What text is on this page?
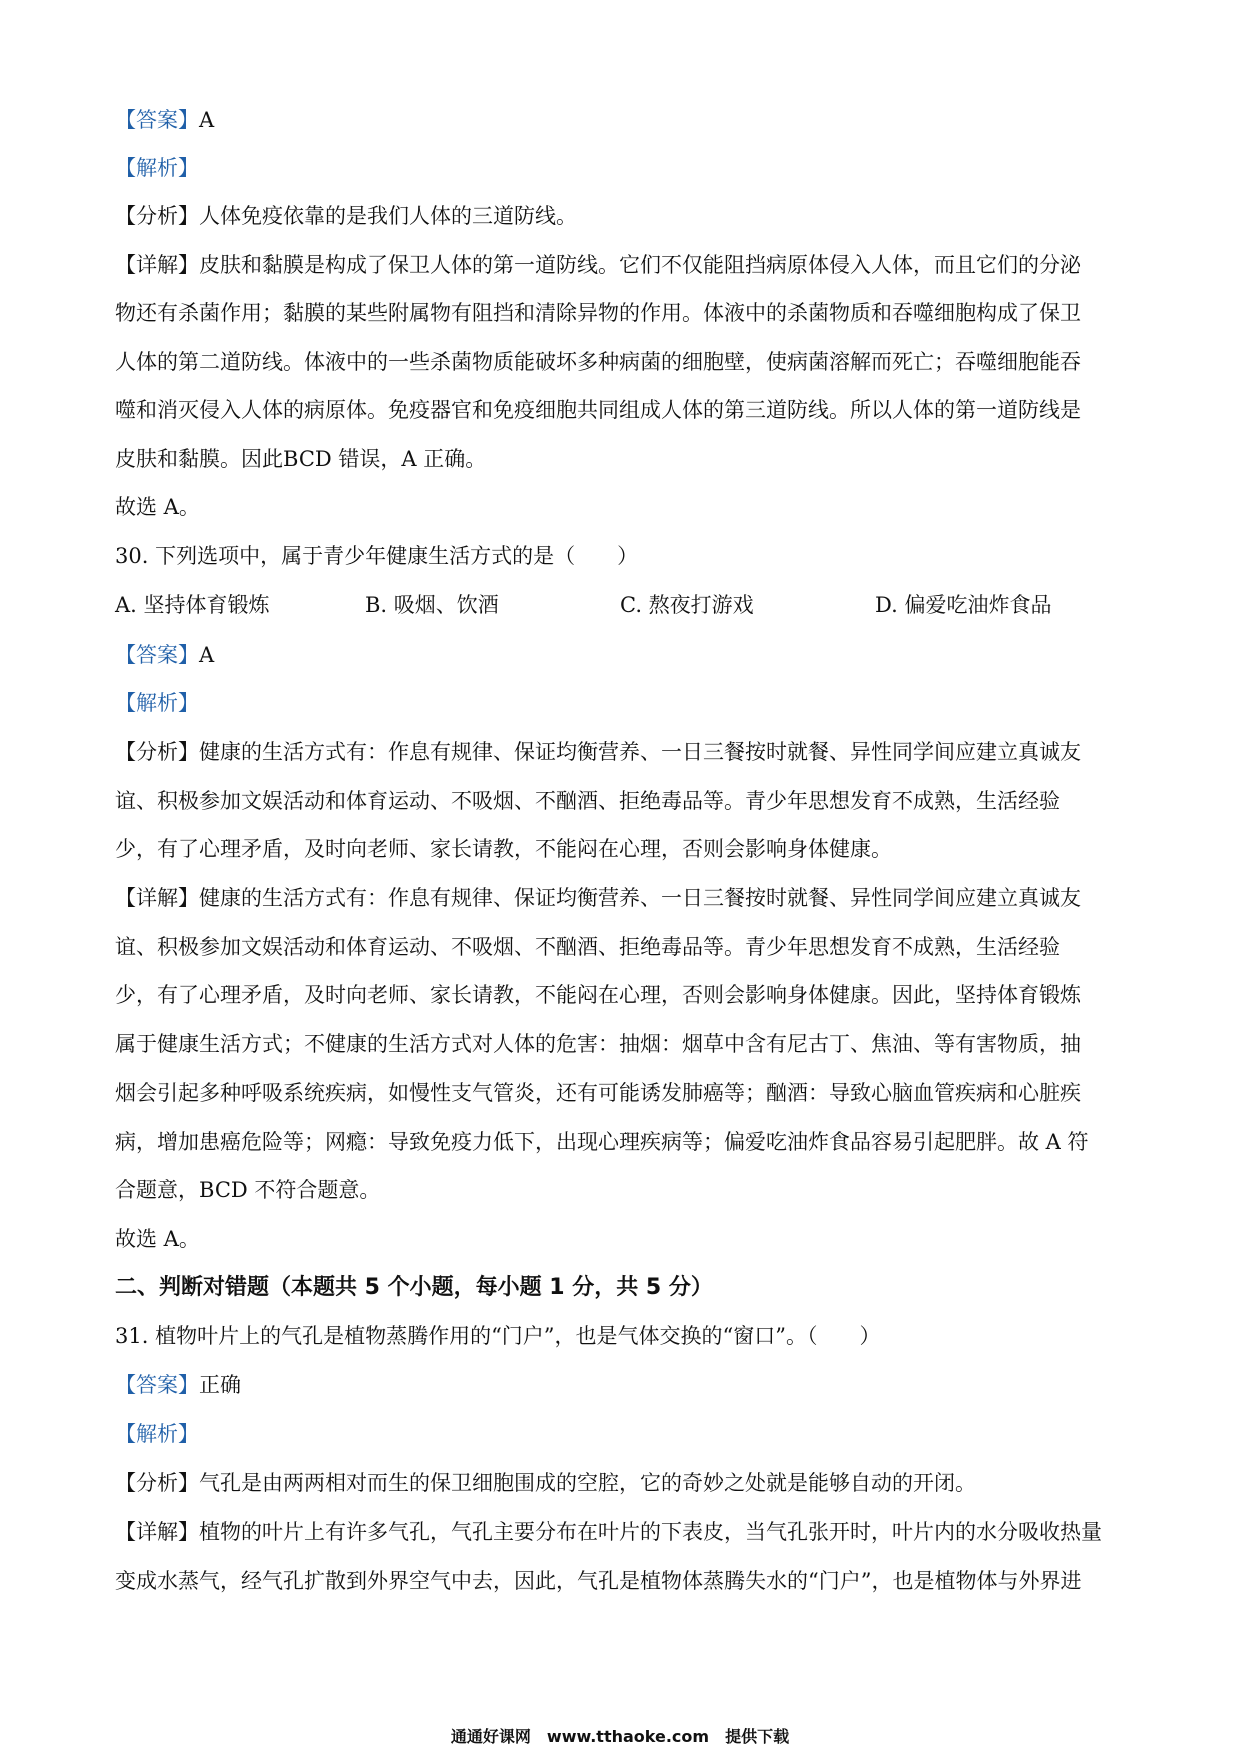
【答案】A
【解析】
【分析】人体免疫依靠的是我们人体的三道防线。
【详解】皮肤和黏膜是构成了保卫人体的第一道防线。它们不仅能阻挡病原体侵入人体，而且它们的分泌
物还有杀菌作用；黏膜的某些附属物有阻挡和清除异物的作用。体液中的杀菌物质和吞噬细胞构成了保卫
人体的第二道防线。体液中的一些杀菌物质能破坏多种病菌的细胞壁，使病菌溶解而死亡；吞噬细胞能吞
噬和消灭侵入人体的病原体。免疫器官和免疫细胞共同组成人体的第三道防线。所以人体的第一道防线是
皮肤和黏膜。因此BCD 错误，A 正确。
故选 A。
30. 下列选项中，属于青少年健康生活方式的是（　　）
A. 坚持体育锻炼	B. 吸烟、饮酒	C. 熬夜打游戏	D. 偏爱吃油炸食品
【答案】A
【解析】
【分析】健康的生活方式有：作息有规律、保证均衡营养、一日三餐按时就餐、异性同学间应建立真诚友
谊、积极参加文娱活动和体育运动、不吸烟、不酗酒、拒绝毒品等。青少年思想发育不成熟，生活经验
少，有了心理矛盾，及时向老师、家长请教，不能闷在心理，否则会影响身体健康。
【详解】健康的生活方式有：作息有规律、保证均衡营养、一日三餐按时就餐、异性同学间应建立真诚友
谊、积极参加文娱活动和体育运动、不吸烟、不酗酒、拒绝毒品等。青少年思想发育不成熟，生活经验
少，有了心理矛盾，及时向老师、家长请教，不能闷在心理，否则会影响身体健康。因此，坚持体育锻炼
属于健康生活方式；不健康的生活方式对人体的危害：抽烟：烟草中含有尼古丁、焦油、等有害物质，抽
烟会引起多种呼吸系统疾病，如慢性支气管炎，还有可能诱发肺癌等；酗酒：导致心脑血管疾病和心脏疾
病，增加患癌危险等；网瘾：导致免疫力低下，出现心理疾病等；偏爱吃油炸食品容易引起肥胖。故 A 符
合题意，BCD 不符合题意。
故选 A。
二、判断对错题（本题共 5 个小题，每小题 1 分，共 5 分）
31. 植物叶片上的气孔是植物蒸腾作用的“门户”，也是气体交换的“窗口”。（　　）
【答案】正确
【解析】
【分析】气孔是由两两相对而生的保卫细胞围成的空腔，它的奇妙之处就是能够自动的开闭。
【详解】植物的叶片上有许多气孔，气孔主要分布在叶片的下表皮，当气孔张开时，叶片内的水分吸收热量
变成水蒸气，经气孔扩散到外界空气中去，因此，气孔是植物体蒸腾失水的“门户”，也是植物体与外界进
通通好课网　www.tthaoke.com　提供下载
